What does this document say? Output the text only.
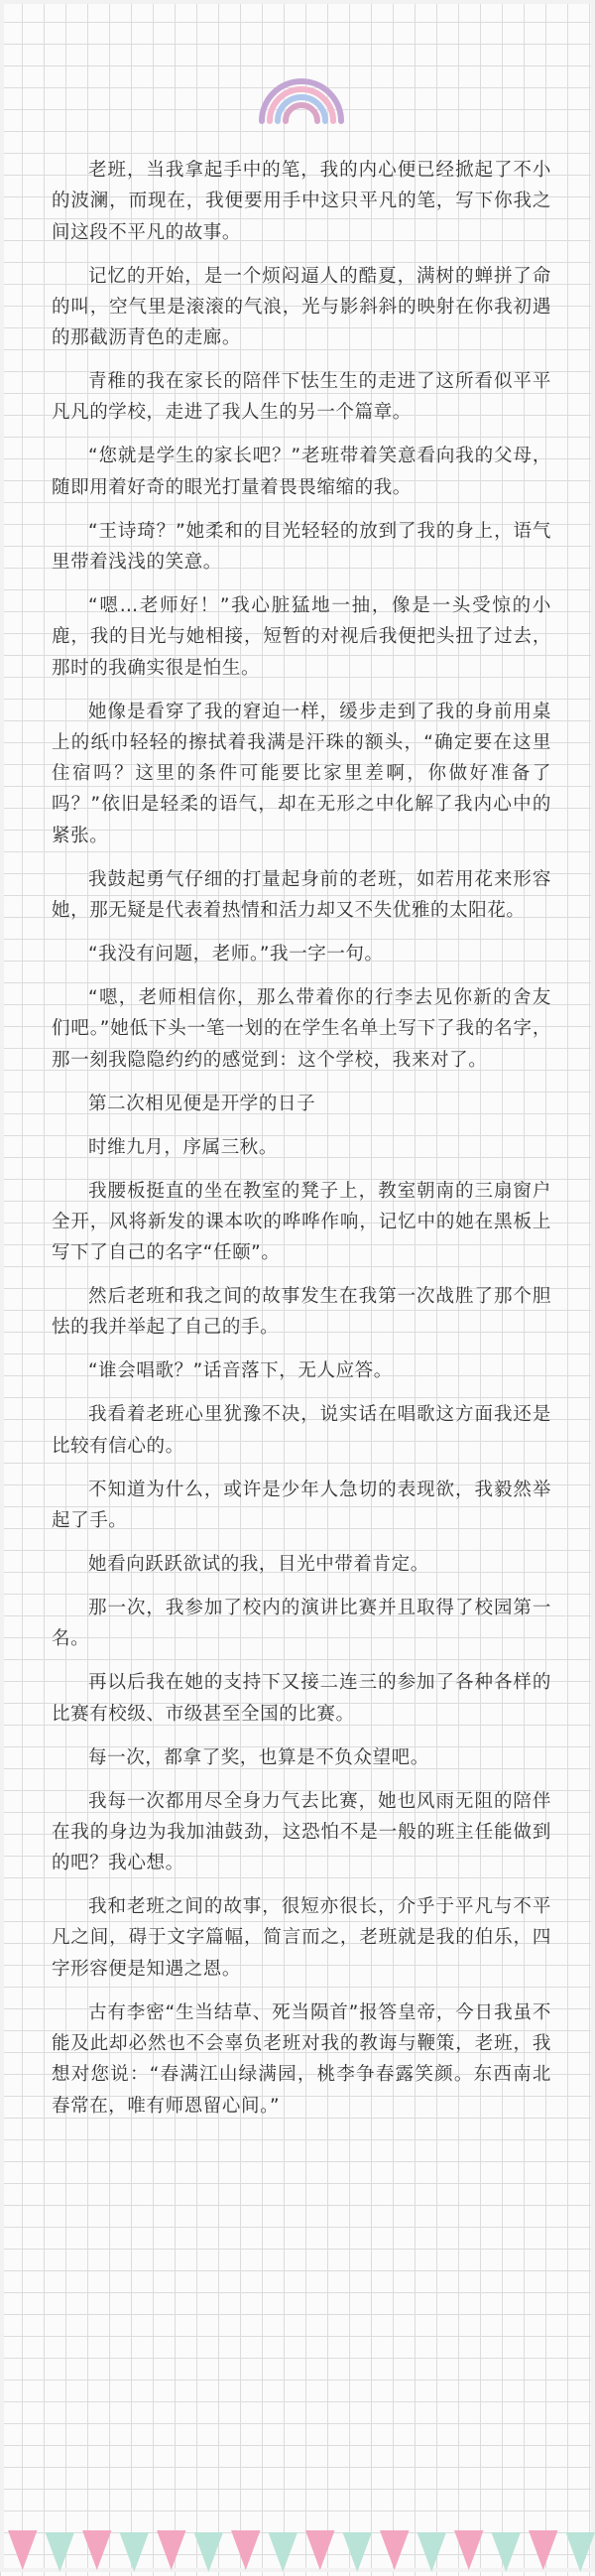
老班，当我拿起手中的笔，我的内心便已经掀起了不小的波澜，而现在，我便要用手中这只平凡的笔，写下你我之间这段不平凡的故事。

记忆的开始，是一个烦闷逼人的酷夏，满树的蝉拼了命的叫，空气里是滚滚的气浪，光与影斜斜的映射在你我初遇的那截沥青色的走廊。

青稚的我在家长的陪伴下怯生生的走进了这所看似平平凡凡的学校，走进了我人生的另一个篇章。

“您就是学生的家长吧？”老班带着笑意看向我的父母，随即用着好奇的眼光打量着畏畏缩缩的我。

“王诗琦？”她柔和的目光轻轻的放到了我的身上，语气里带着浅浅的笑意。

“嗯…老师好！”我心脏猛地一抽，像是一头受惊的小鹿，我的目光与她相接，短暂的对视后我便把头扭了过去，那时的我确实很是怕生。

她像是看穿了我的窘迫一样，缓步走到了我的身前用桌上的纸巾轻轻的擦拭着我满是汗珠的额头，“确定要在这里住宿吗？这里的条件可能要比家里差啊，你做好准备了吗？”依旧是轻柔的语气，却在无形之中化解了我内心中的紧张。

我鼓起勇气仔细的打量起身前的老班，如若用花来形容她，那无疑是代表着热情和活力却又不失优雅的太阳花。

“我没有问题，老师。”我一字一句。

“嗯，老师相信你，那么带着你的行李去见你新的舍友们吧。”她低下头一笔一划的在学生名单上写下了我的名字，那一刻我隐隐约约的感觉到：这个学校，我来对了。

第二次相见便是开学的日子

时维九月，序属三秋。

我腰板挺直的坐在教室的凳子上，教室朝南的三扇窗户全开，风将新发的课本吹的哗哗作响，记忆中的她在黑板上写下了自己的名字“任颐”。

然后老班和我之间的故事发生在我第一次战胜了那个胆怯的我并举起了自己的手。

“谁会唱歌？”话音落下，无人应答。

我看着老班心里犹豫不决，说实话在唱歌这方面我还是比较有信心的。

不知道为什么，或许是少年人急切的表现欲，我毅然举起了手。

她看向跃跃欲试的我，目光中带着肯定。

那一次，我参加了校内的演讲比赛并且取得了校园第一名。

再以后我在她的支持下又接二连三的参加了各种各样的比赛有校级、市级甚至全国的比赛。

每一次，都拿了奖，也算是不负众望吧。

我每一次都用尽全身力气去比赛，她也风雨无阻的陪伴在我的身边为我加油鼓劲，这恐怕不是一般的班主任能做到的吧？我心想。

我和老班之间的故事，很短亦很长，介乎于平凡与不平凡之间，碍于文字篇幅，简言而之，老班就是我的伯乐，四字形容便是知遇之恩。

古有李密“生当结草、死当陨首”报答皇帝，今日我虽不能及此却必然也不会辜负老班对我的教诲与鞭策，老班，我想对您说：“春满江山绿满园，桃李争春露笑颜。东西南北春常在，唯有师恩留心间。”
